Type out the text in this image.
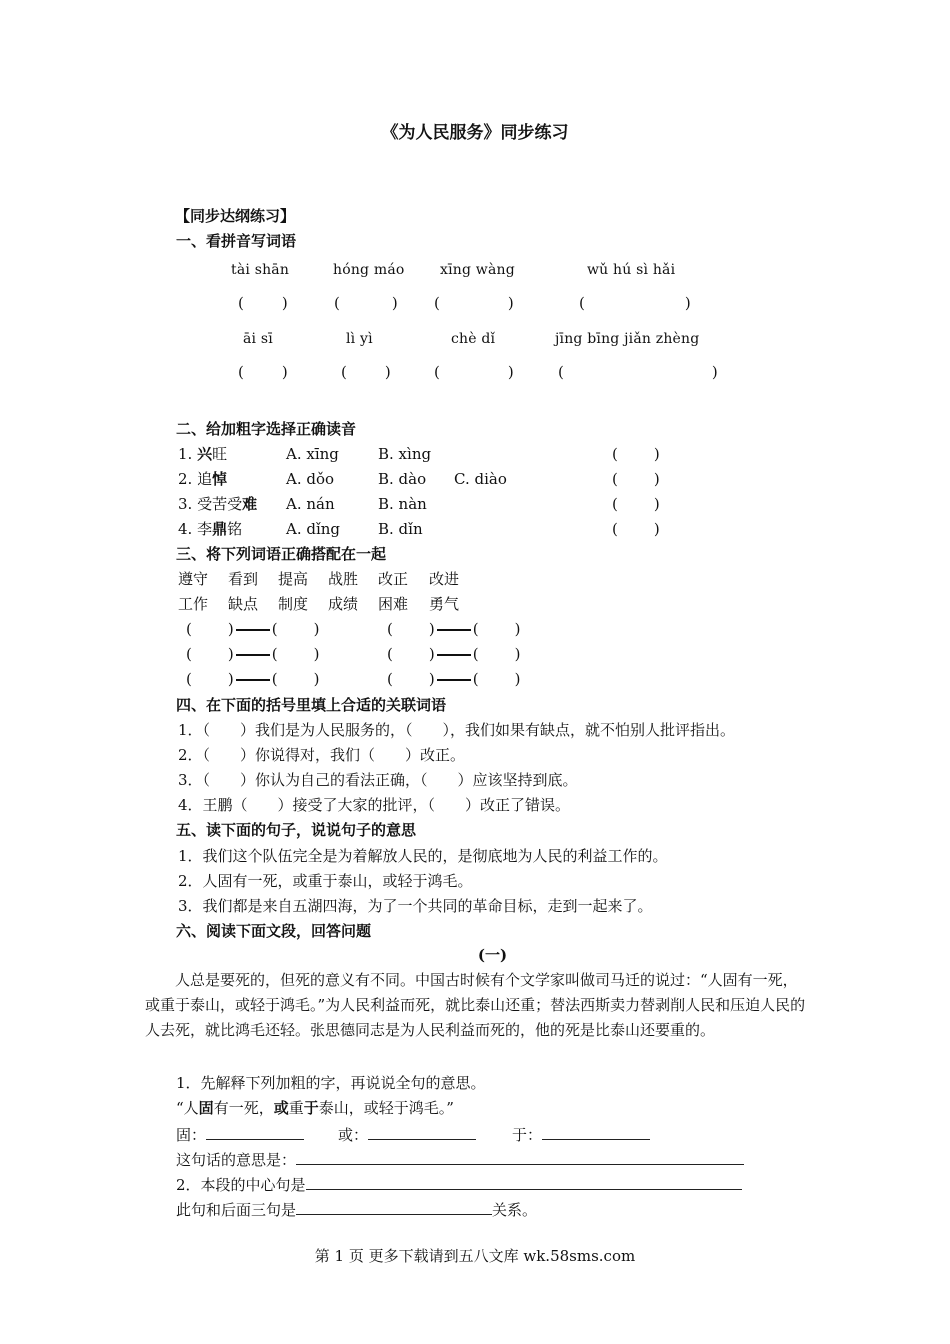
《为人民服务》同步练习
【同步达纲练习】
一、看拼音写词语
tài shān	hóng máo	xīng wàng	wǔ hú sì hǎi
(	)	(	) (	)	(	)
āi sī	lì yì	chè dǐ	jīng bīng jiǎn zhèng
(	)	(	)	(	)	(	)
二、给加粗字选择正确读音
1. 兴旺	A. xīng	B. xìng	( )
2. 追悼	A. dǒo	B. dào C. diào	( )
3. 受苦受难 A. nán	B. nàn	( )
4. 李鼎铭	A. dǐng	B. dǐn	( )
三、将下列词语正确搭配在一起
遵守 看到 提高 战胜 改正 改进
工作 缺点 制度 成绩 困难 勇气
( )	( )	( )	( )
( )	( )	( )	( )
( )	( )	( )	( )
四、在下面的括号里填上合适的关联词语
1．（　　）我们是为人民服务的，（　　），我们如果有缺点，就不怕别人批评指出。
2．（　　）你说得对，我们（　　）改正。
3．（　　）你认为自己的看法正确，（　　）应该坚持到底。
4．王鹏（　　）接受了大家的批评，（　　）改正了错误。
五、读下面的句子，说说句子的意思
1．我们这个队伍完全是为着解放人民的，是彻底地为人民的利益工作的。
2．人固有一死，或重于泰山，或轻于鸿毛。
3．我们都是来自五湖四海，为了一个共同的革命目标，走到一起来了。
六、阅读下面文段，回答问题
(一)
人总是要死的，但死的意义有不同。中国古时候有个文学家叫做司马迁的说过：“人固有一死，或重于泰山，或轻于鸿毛。”为人民利益而死，就比泰山还重；替法西斯卖力替剥削人民和压迫人民的人去死，就比鸿毛还轻。张思德同志是为人民利益而死的，他的死是比泰山还要重的。
1．先解释下列加粗的字，再说说全句的意思。
“人固有一死，或重于泰山，或轻于鸿毛。”
固：	或：	于：
这句话的意思是：
2．本段的中心句是
此句和后面三句是	关系。
第 1 页 更多下载请到五八文库 wk.58sms.com
